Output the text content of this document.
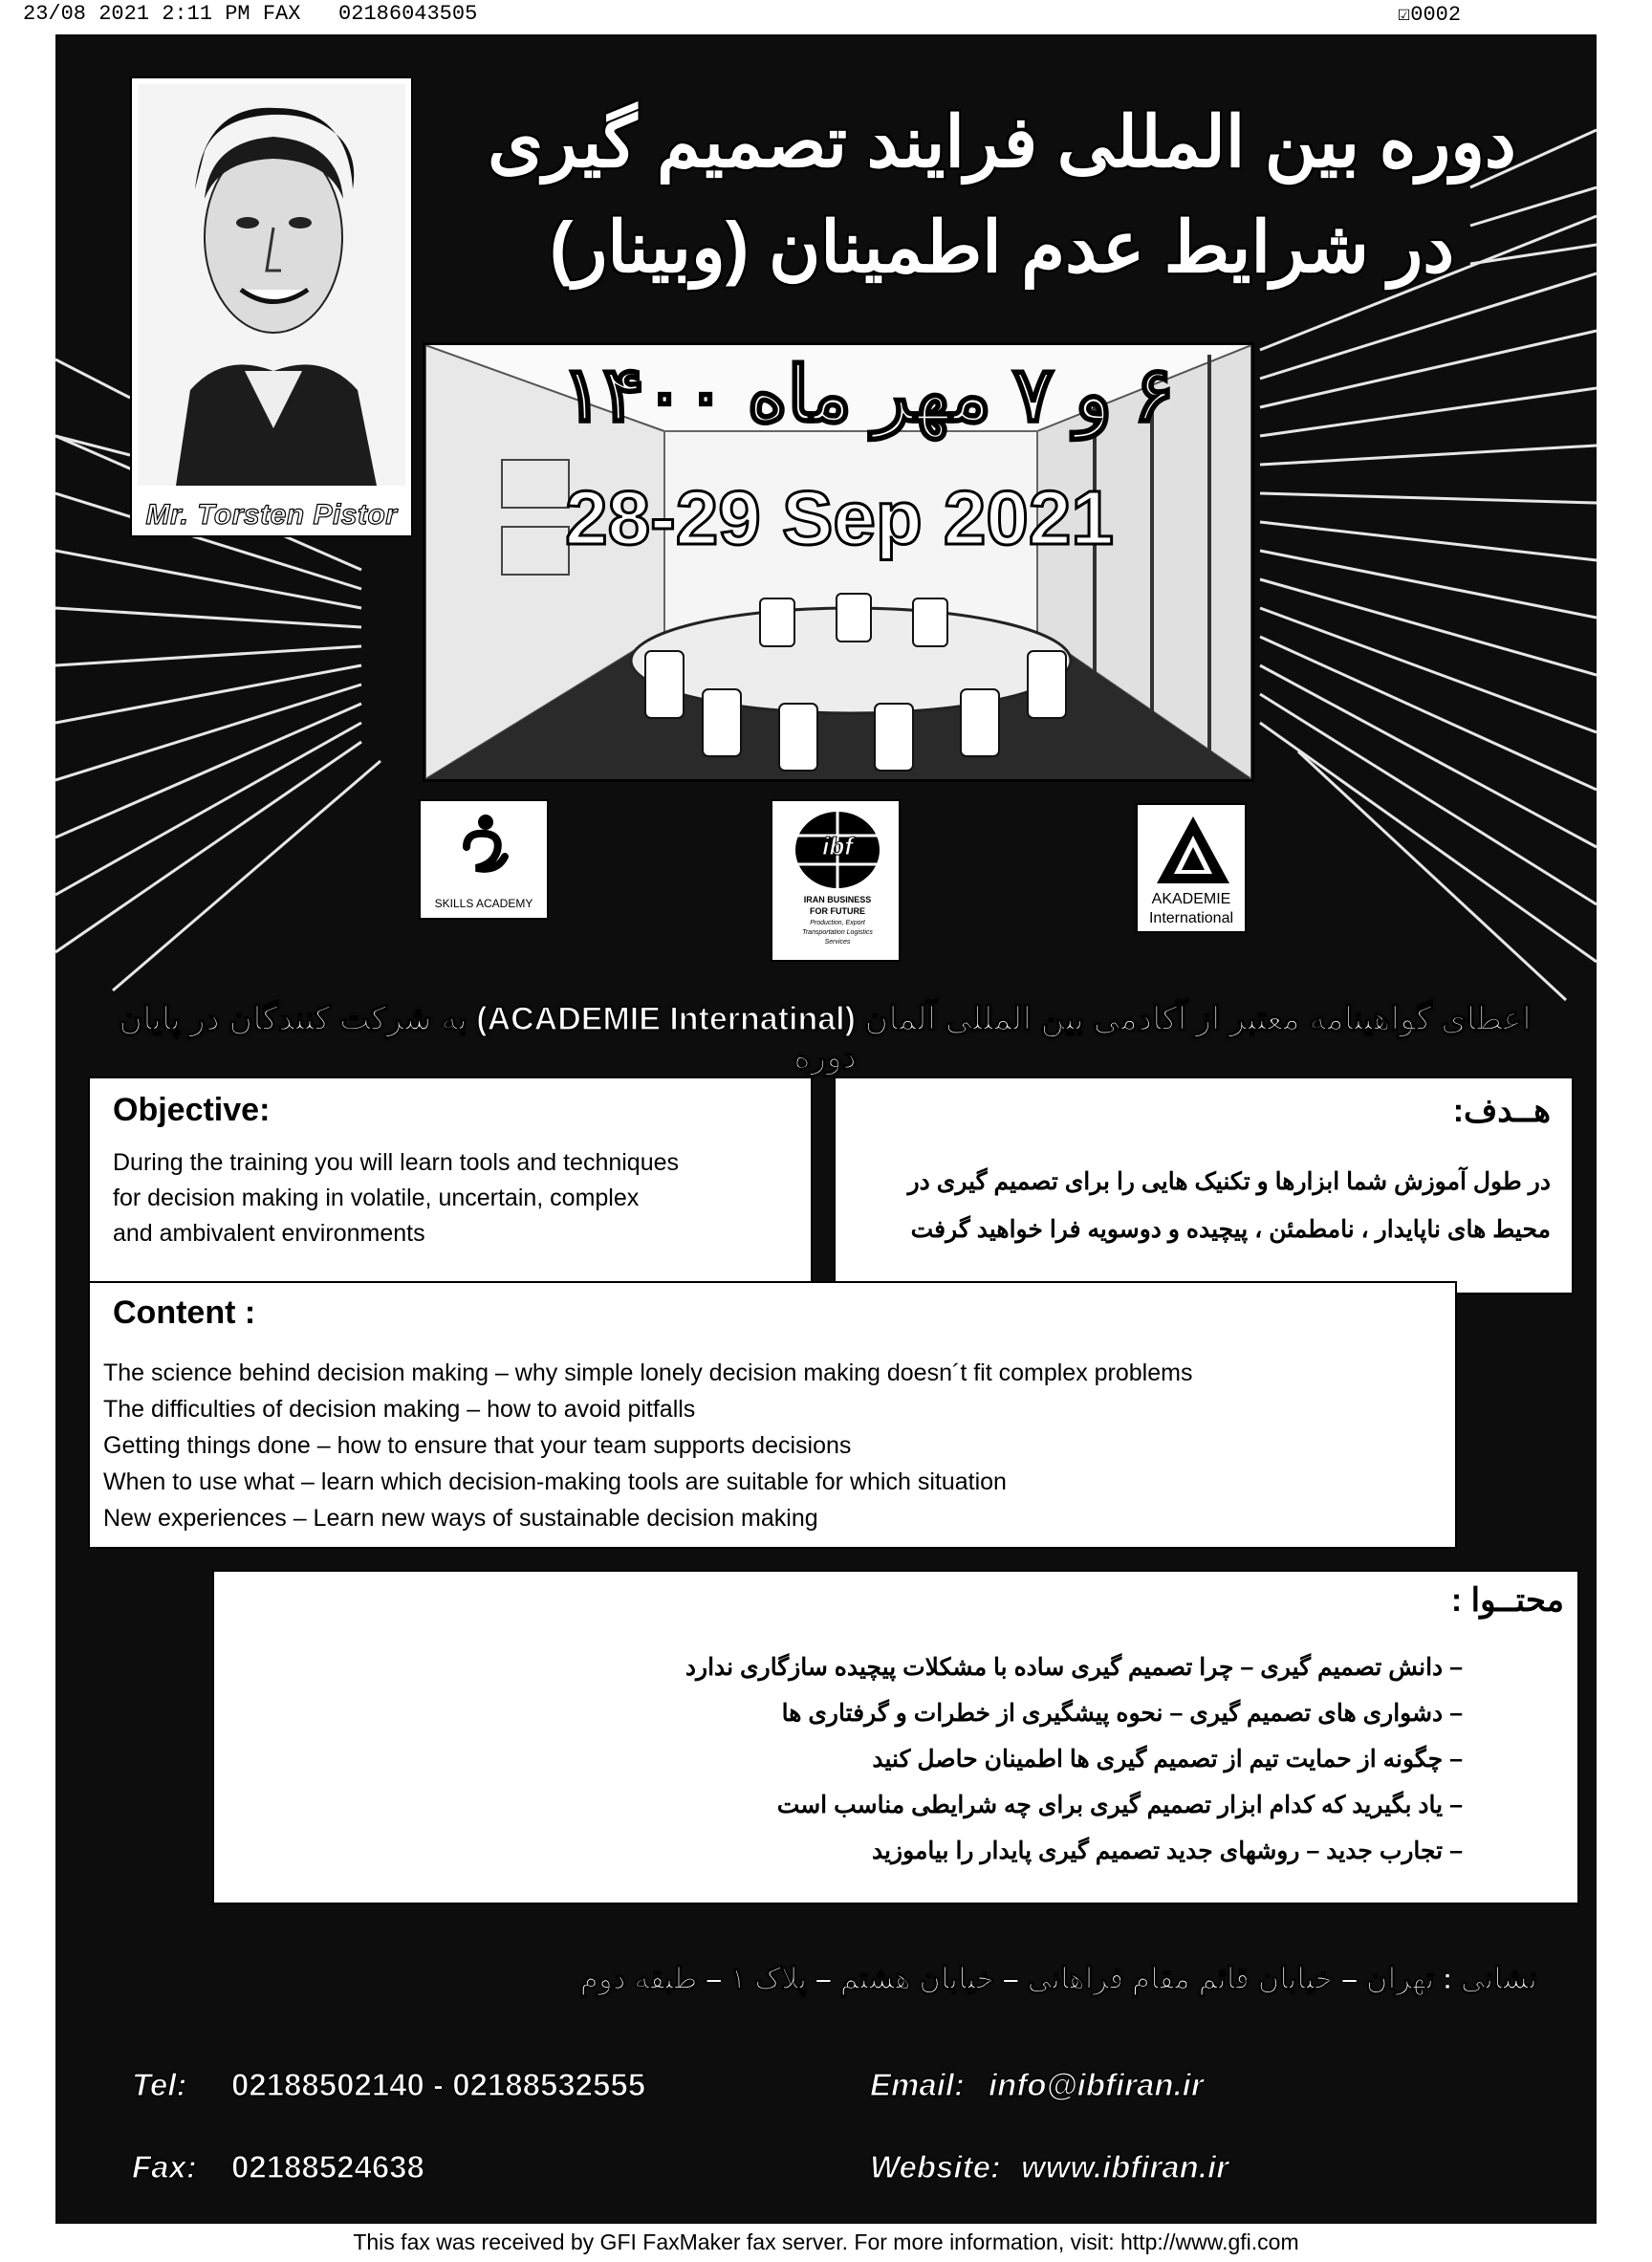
23/08 2021 2:11 PM FAX   02186043505	☑0002
Mr. Torsten Pistor
دوره بین المللی فرایند تصمیم گیری
در شرایط عدم اطمینان (وبینار)
۶ و ۷ مهر ماه ۱۴۰۰
28-29 Sep 2021
SKILLS ACADEMY
ibf
IRAN BUSINESS
FOR FUTURE
Production, Export
Transportation Logistics
Services
AKADEMIE
International
اعطای گواهینامه معتبر از آکادمی بین المللی آلمان (ACADEMIE Internatinal) به شرکت کنندگان در پایان دوره
Objective:
During the training you will learn tools and techniques
for decision making in volatile, uncertain, complex
and ambivalent environments
هــدف:
در طول آموزش شما ابزارها و تکنیک هایی را برای تصمیم گیری در
محیط های ناپایدار ، نامطمئن ، پیچیده و دوسویه فرا خواهید گرفت
Content :
The science behind decision making – why simple lonely decision making doesn´t fit complex problems
The difficulties of decision making – how to avoid pitfalls
Getting things done – how to ensure that your team supports decisions
When to use what – learn which decision-making tools are suitable for which situation
New experiences – Learn new ways of sustainable decision making
محتــوا :
– دانش تصمیم گیری – چرا تصمیم گیری ساده با مشکلات پیچیده سازگاری ندارد
– دشواری های تصمیم گیری – نحوه پیشگیری از خطرات و گرفتاری ها
– چگونه از حمایت تیم از تصمیم گیری ها اطمینان حاصل کنید
– یاد بگیرید که کدام ابزار تصمیم گیری برای چه شرایطی مناسب است
– تجارب جدید – روشهای جدید تصمیم گیری پایدار را بیاموزید
نشانی : تهران – خیابان قائم مقام فراهانی – خیابان هشتم – پلاک ۱ – طبقه دوم
Tel: 02188502140 - 02188532555
Fax: 02188524638
Email: info@ibfiran.ir
Website: www.ibfiran.ir
This fax was received by GFI FaxMaker fax server. For more information, visit: http://www.gfi.com
